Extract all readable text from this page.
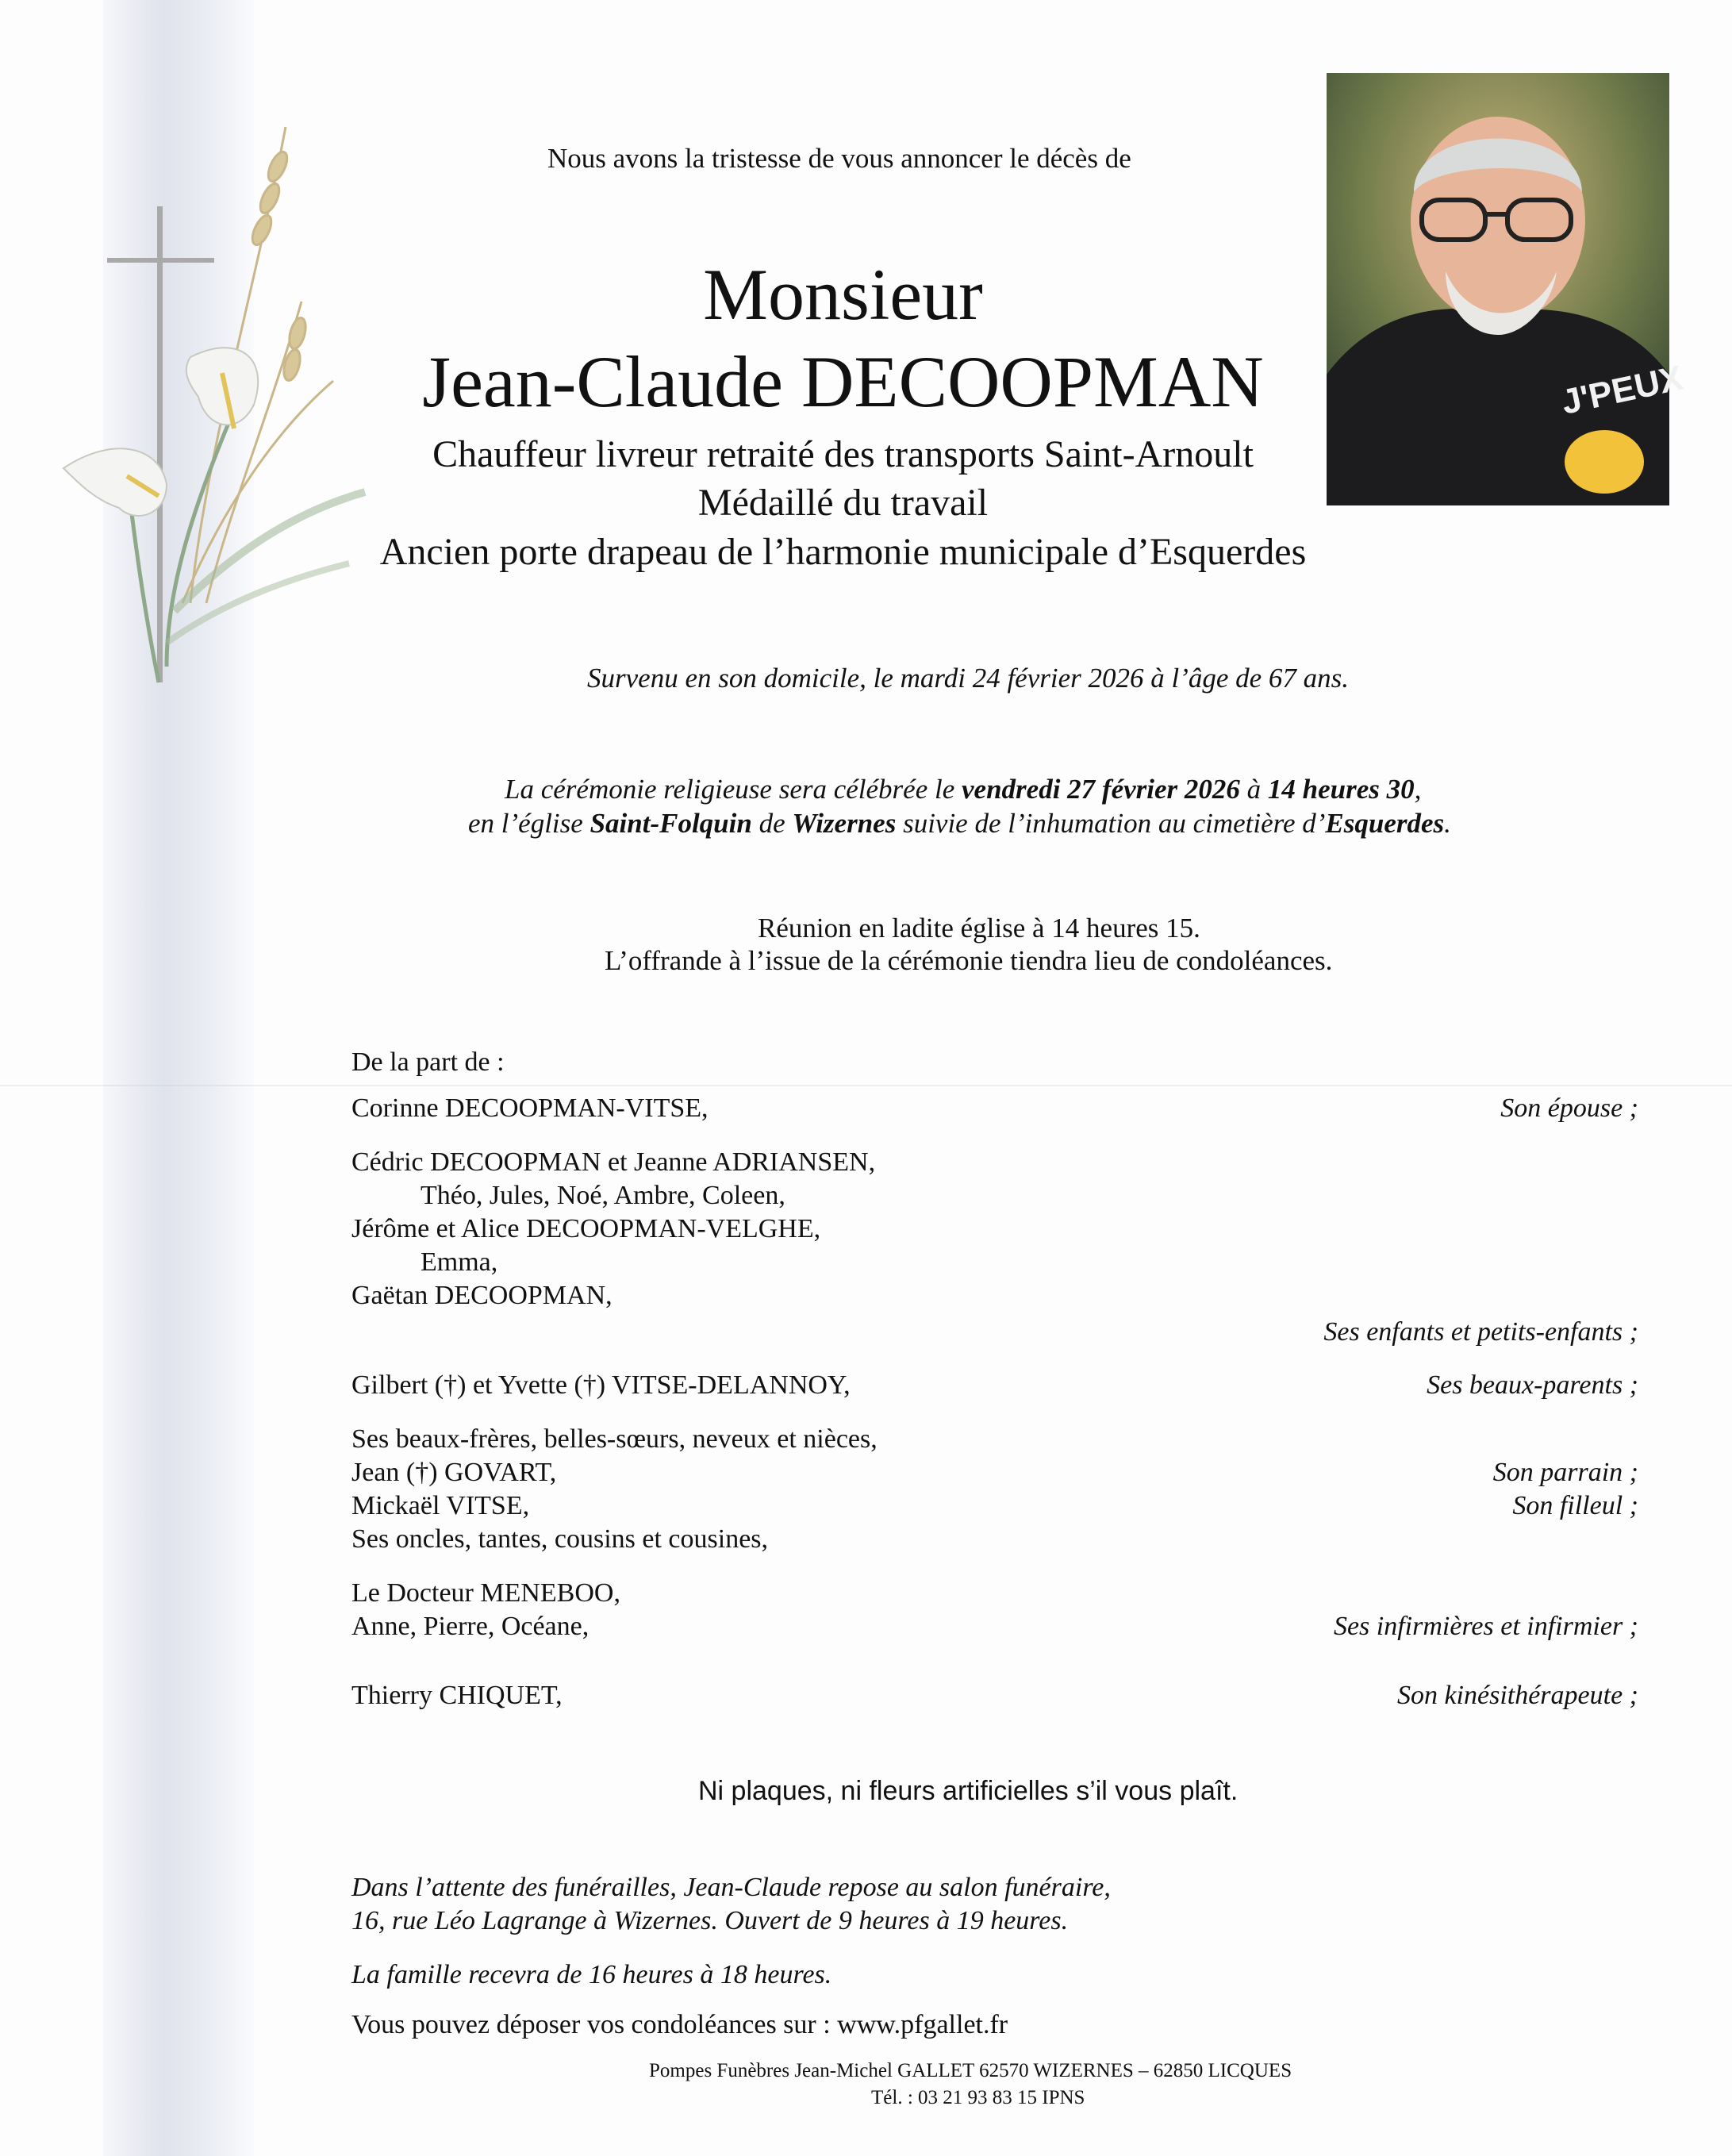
J'PEUX
Nous avons la tristesse de vous annoncer le décès de
Monsieur
Jean-Claude DECOOPMAN
Chauffeur livreur retraité des transports Saint-Arnoult
Médaillé du travail
Ancien porte drapeau de l’harmonie municipale d’Esquerdes
Survenu en son domicile, le mardi 24 février 2026 à l’âge de 67 ans.
La cérémonie religieuse sera célébrée le vendredi 27 février 2026 à 14 heures 30,
en l’église Saint-Folquin de Wizernes suivie de l’inhumation au cimetière d’Esquerdes.
Réunion en ladite église à 14 heures 15.
L’offrande à l’issue de la cérémonie tiendra lieu de condoléances.
De la part de :
Corinne DECOOPMAN-VITSE,
Cédric DECOOPMAN et Jeanne ADRIANSEN,
Théo, Jules, Noé, Ambre, Coleen,
Jérôme et Alice DECOOPMAN-VELGHE,
Emma,
Gaëtan DECOOPMAN,
Gilbert (†) et Yvette (†) VITSE-DELANNOY,
Ses beaux-frères, belles-sœurs, neveux et nièces,
Jean (†) GOVART,
Mickaël VITSE,
Ses oncles, tantes, cousins et cousines,
Le Docteur MENEBOO,
Anne, Pierre, Océane,
Thierry CHIQUET,
Son épouse ;
Ses enfants et petits-enfants ;
Ses beaux-parents ;
Son parrain ;
Son filleul ;
Ses infirmières et infirmier ;
Son kinésithérapeute ;
Ni plaques, ni fleurs artificielles s’il vous plaît.
Dans l’attente des funérailles, Jean-Claude repose au salon funéraire,
16, rue Léo Lagrange à Wizernes. Ouvert de 9 heures à 19 heures.
La famille recevra de 16 heures à 18 heures.
Vous pouvez déposer vos condoléances sur : www.pfgallet.fr
Pompes Funèbres Jean-Michel GALLET 62570 WIZERNES – 62850 LICQUES
Tél. : 03 21 93 83 15 IPNS
